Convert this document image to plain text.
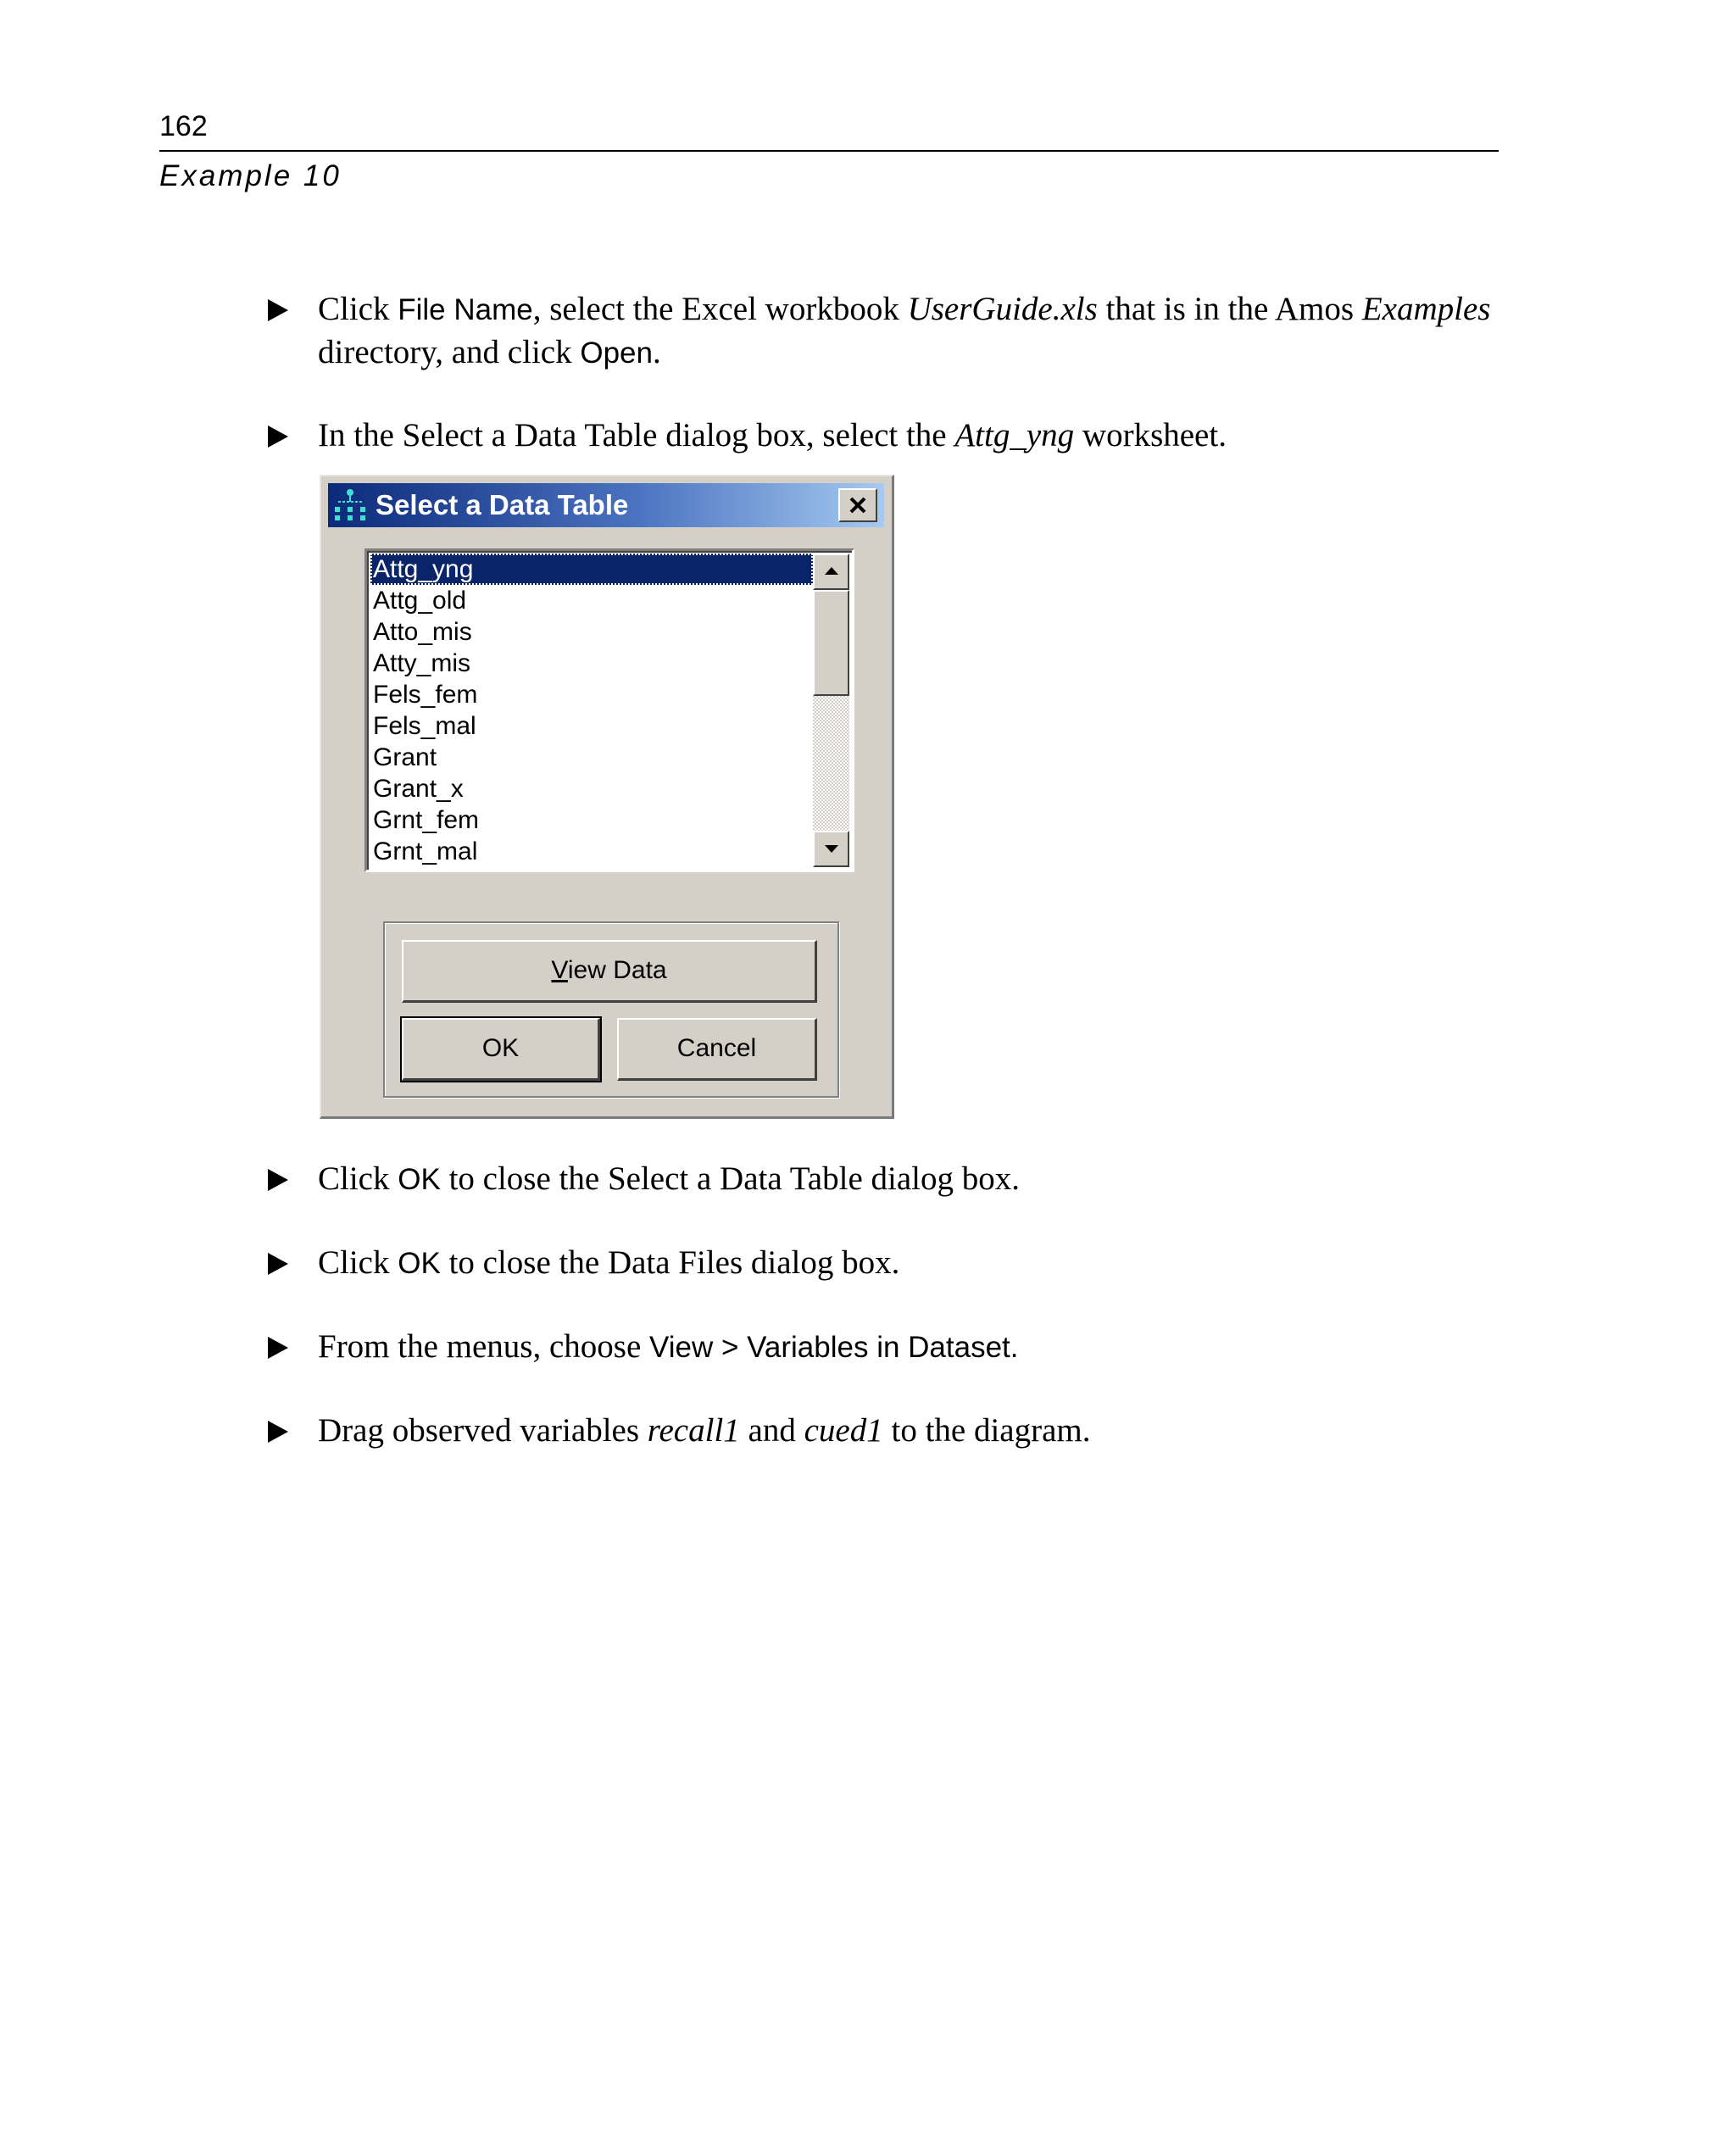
162
Example 10
Click File Name, select the Excel workbook UserGuide.xls that is in the Amos Examples directory, and click Open.
In the Select a Data Table dialog box, select the Attg_yng worksheet.
Select a Data Table
Attg_yng
Attg_old
Atto_mis
Atty_mis
Fels_fem
Fels_mal
Grant
Grant_x
Grnt_fem
Grnt_mal
View Data
OK	Cancel
Click OK to close the Select a Data Table dialog box.
Click OK to close the Data Files dialog box.
From the menus, choose View > Variables in Dataset.
Drag observed variables recall1 and cued1 to the diagram.
